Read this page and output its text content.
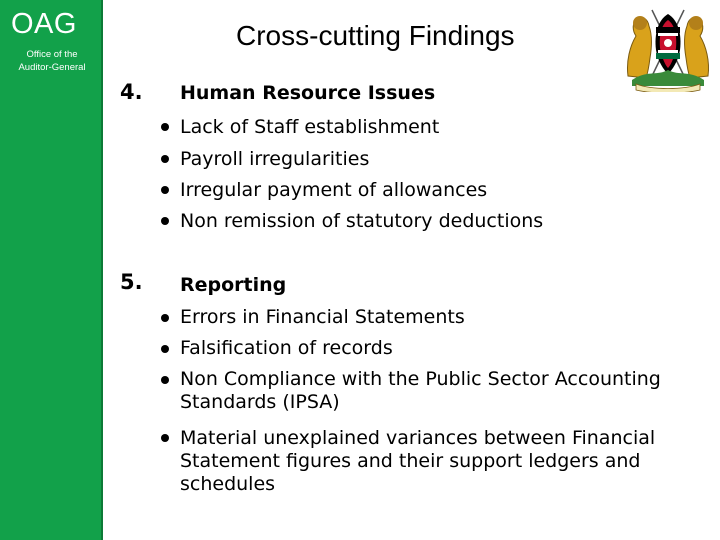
OAG
Office of the
Auditor-General
Cross-cutting Findings
4. Human Resource Issues
Lack of Staff establishment
Payroll irregularities
Irregular payment of allowances
Non remission of statutory deductions
5. Reporting
Errors in Financial Statements
Falsification of records
Non Compliance with the Public Sector Accounting Standards (IPSA)
Material unexplained variances between Financial Statement figures and their support ledgers and schedules
